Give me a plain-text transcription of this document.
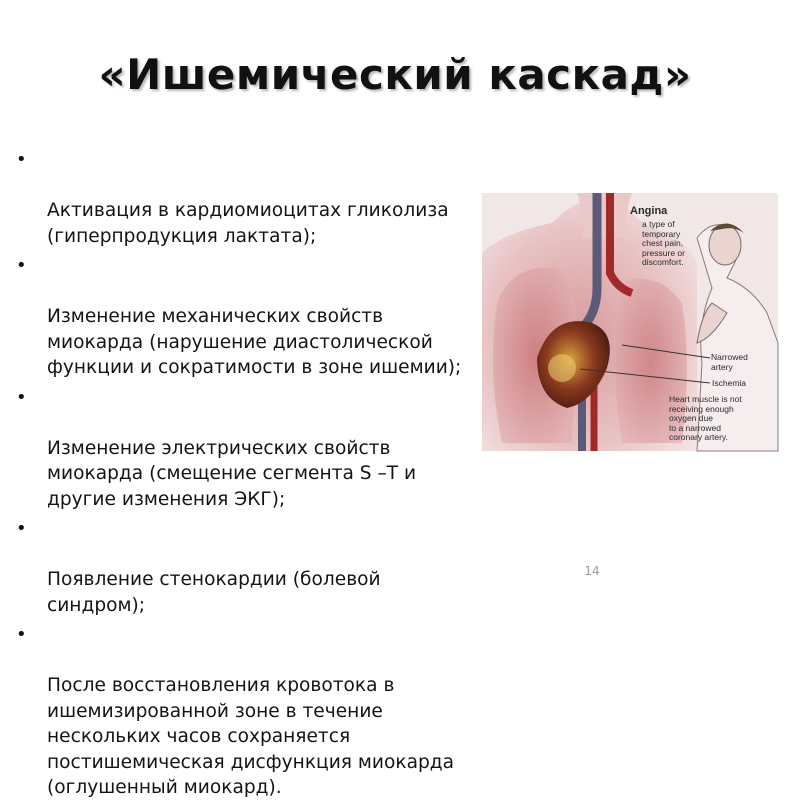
«Ишемический каскад»

•

Активация в кардиомиоцитах гликолиза (гиперпродукция лактата);

•

Изменение механических свойств миокарда (нарушение диастолической функции и сократимости в зоне ишемии);

•

Изменение электрических свойств миокарда (смещение сегмента S –T и другие изменения ЭКГ);

•

Появление стенокардии (болевой синдром);

•

После восстановления кровотока в ишемизированной зоне в течение нескольких часов сохраняется постишемическая дисфункция миокарда (оглушенный миокард).

Angina
a type of
temporary
chest pain,
pressure or
discomfort.
Narrowed
artery
Ischemia
Heart muscle is not
receiving enough
oxygen due
to a narrowed
coronary artery.
14
